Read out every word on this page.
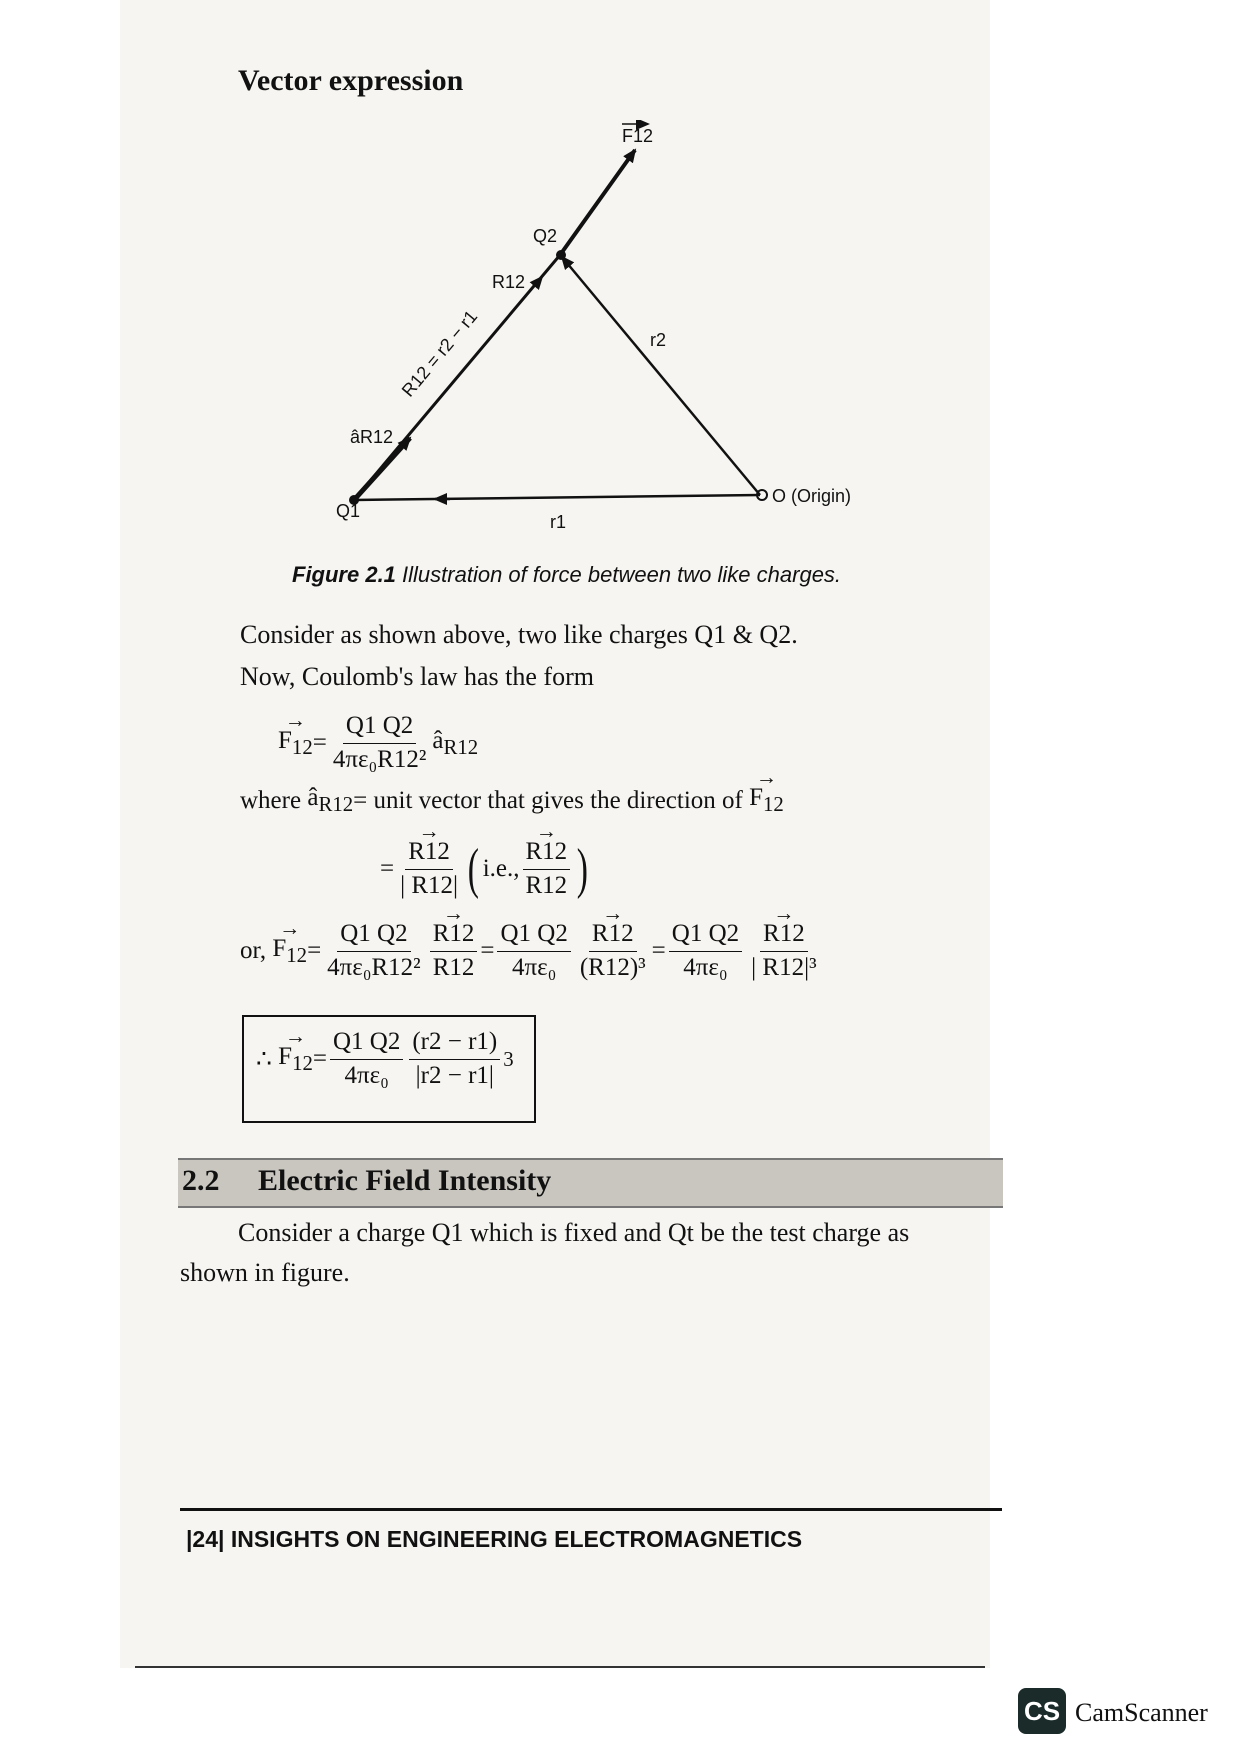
Vector expression
F12
Q2
R12
R12 = r2 − r1	r2
âR12
Q1
r1
O (Origin)
Figure 2.1 Illustration of force between two like charges.
Consider as shown above, two like charges Q1 & Q2.
Now, Coulomb's law has the form
→ $F_{12} = \frac{Q1 Q2}{\text{4πε₀R12²}}$ $â_{R12}$
where
$â_{R12}$ = unit vector that gives the direction of

→ $F_{12}$
=
→ $\frac{R12}{| R12|}$ ( i.e.,
→ $\frac{R12}{R12}$ )
or,

→ $F_{12} = \frac{Q1 Q2}{\text{4πε₀R12²}}$
→ $\frac{R12}{R12} = \frac{Q1 Q2}{\text{4πε₀}}$
→ $\frac{R12}{\text{(R12)³}} = \frac{Q1 Q2}{\text{4πε₀}}$
→ $\frac{R12}{\text{| R12|³}}$
∴

→ $F_{12} = \frac{Q1 Q2}{\text{4πε₀}} \frac{(r2 - r1)}{|r2 - r1|} 3$
2.2 Electric Field Intensity
Consider a charge Q1 which is fixed and Qt be the test charge as
shown in figure.
|24| INSIGHTS ON ENGINEERING ELECTROMAGNETICS
CS CamScanner
